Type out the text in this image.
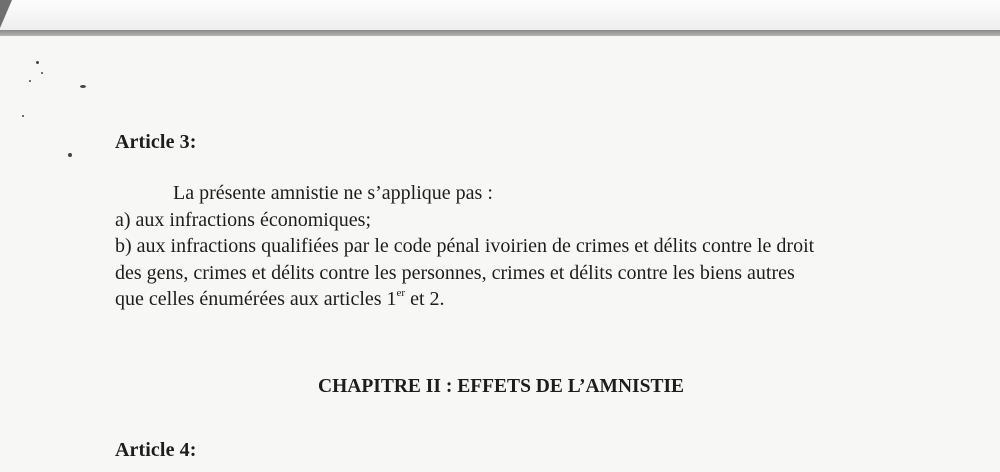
Article 3:

La présente amnistie ne s’applique pas :

a) aux infractions économiques;

b) aux infractions qualifiées par le code pénal ivoirien de crimes et délits contre le droit

des gens, crimes et délits contre les personnes, crimes et délits contre les biens autres

que celles énumérées aux articles 1er et 2.

CHAPITRE II : EFFETS DE L’AMNISTIE
Article 4:
